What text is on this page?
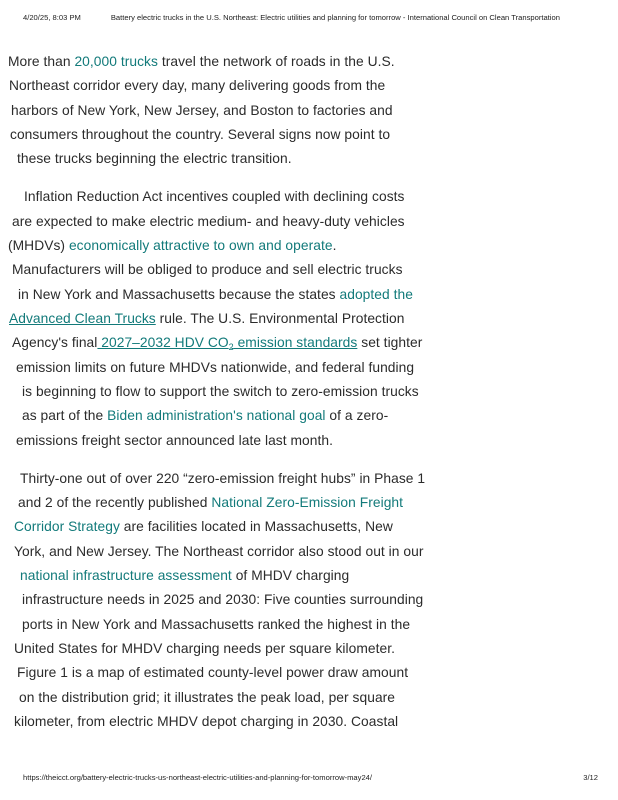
4/20/25, 8:03 PM	Battery electric trucks in the U.S. Northeast: Electric utilities and planning for tomorrow - International Council on Clean Transportation
More than 20,000 trucks travel the network of roads in the U.S.
Northeast corridor every day, many delivering goods from the
harbors of New York, New Jersey, and Boston to factories and
consumers throughout the country. Several signs now point to
these trucks beginning the electric transition.
Inflation Reduction Act incentives coupled with declining costs
are expected to make electric medium- and heavy-duty vehicles
(MHDVs) economically attractive to own and operate.
Manufacturers will be obliged to produce and sell electric trucks
in New York and Massachusetts because the states adopted the
Advanced Clean Trucks rule. The U.S. Environmental Protection
Agency's final 2027–2032 HDV $CO_2$ emission standards set tighter
emission limits on future MHDVs nationwide, and federal funding
is beginning to flow to support the switch to zero-emission trucks
as part of the Biden administration's national goal of a zero-
emissions freight sector announced late last month.
Thirty-one out of over 220 “zero-emission freight hubs” in Phase 1
and 2 of the recently published National Zero-Emission Freight
Corridor Strategy are facilities located in Massachusetts, New
York, and New Jersey. The Northeast corridor also stood out in our
national infrastructure assessment of MHDV charging
infrastructure needs in 2025 and 2030: Five counties surrounding
ports in New York and Massachusetts ranked the highest in the
United States for MHDV charging needs per square kilometer.
Figure 1 is a map of estimated county-level power draw amount
on the distribution grid; it illustrates the peak load, per square
kilometer, from electric MHDV depot charging in 2030. Coastal
https://theicct.org/battery-electric-trucks-us-northeast-electric-utilities-and-planning-for-tomorrow-may24/	3/12
